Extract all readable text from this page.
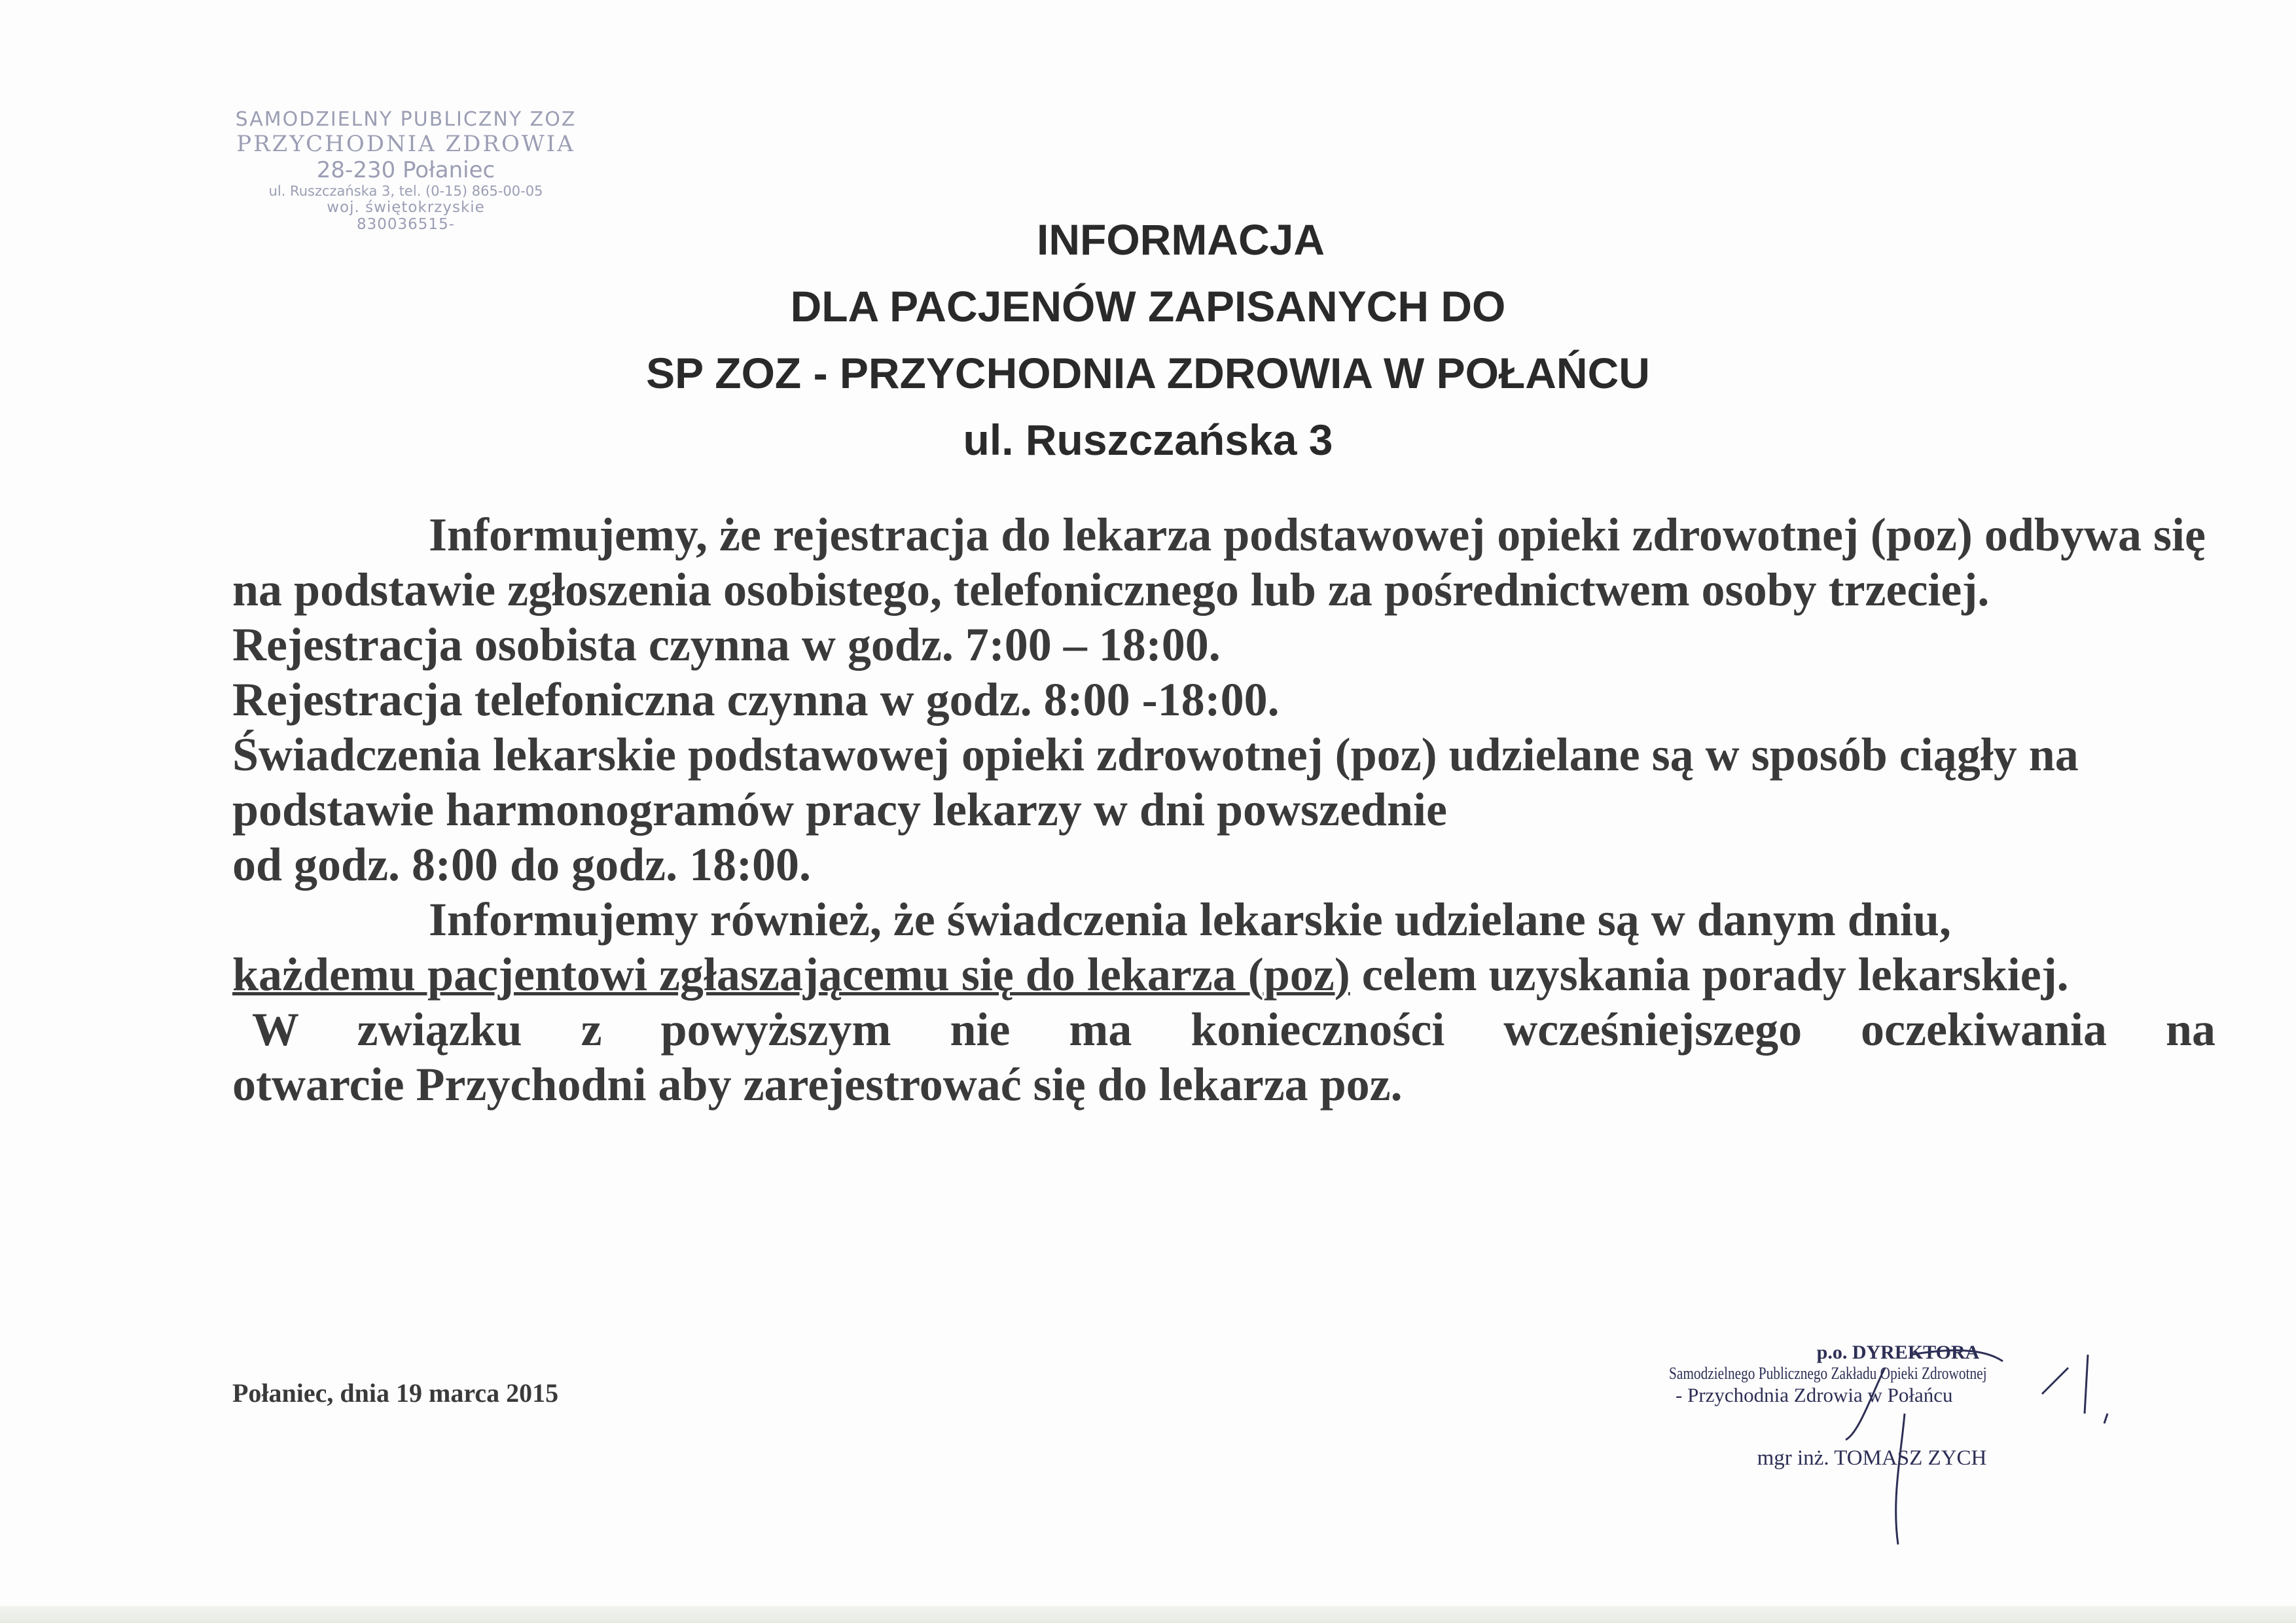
SAMODZIELNY PUBLICZNY ZOZ
PRZYCHODNIA ZDROWIA
28-230 Połaniec
ul. Ruszczańska 3, tel. (0-15) 865-00-05
woj. świętokrzyskie
830036515-	INFORMACJA
DLA PACJENÓW ZAPISANYCH DO
SP ZOZ - PRZYCHODNIA ZDROWIA W POŁAŃCU
ul. Ruszczańska 3

Informujemy, że rejestracja do lekarza podstawowej opieki zdrowotnej (poz) odbywa się na podstawie zgłoszenia osobistego, telefonicznego lub za pośrednictwem osoby trzeciej.

Rejestracja osobista czynna w godz. 7:00 – 18:00.

Rejestracja telefoniczna czynna w godz. 8:00 -18:00.

Świadczenia lekarskie podstawowej opieki zdrowotnej (poz) udzielane są w sposób ciągły na podstawie harmonogramów pracy lekarzy w dni powszednie

od godz. 8:00 do godz. 18:00.

Informujemy również, że świadczenia lekarskie udzielane są w danym dniu,

każdemu pacjentowi zgłaszającemu się do lekarza (poz) celem uzyskania porady lekarskiej.

W związku z powyższym nie ma konieczności wcześniejszego oczekiwania na

otwarcie Przychodni aby zarejestrować się do lekarza poz.

Połaniec, dnia 19 marca 2015
p.o. DYREKTORA
Samodzielnego Publicznego Zakładu Opieki Zdrowotnej
- Przychodnia Zdrowia w Połańcu
mgr inż. TOMASZ ZYCH
